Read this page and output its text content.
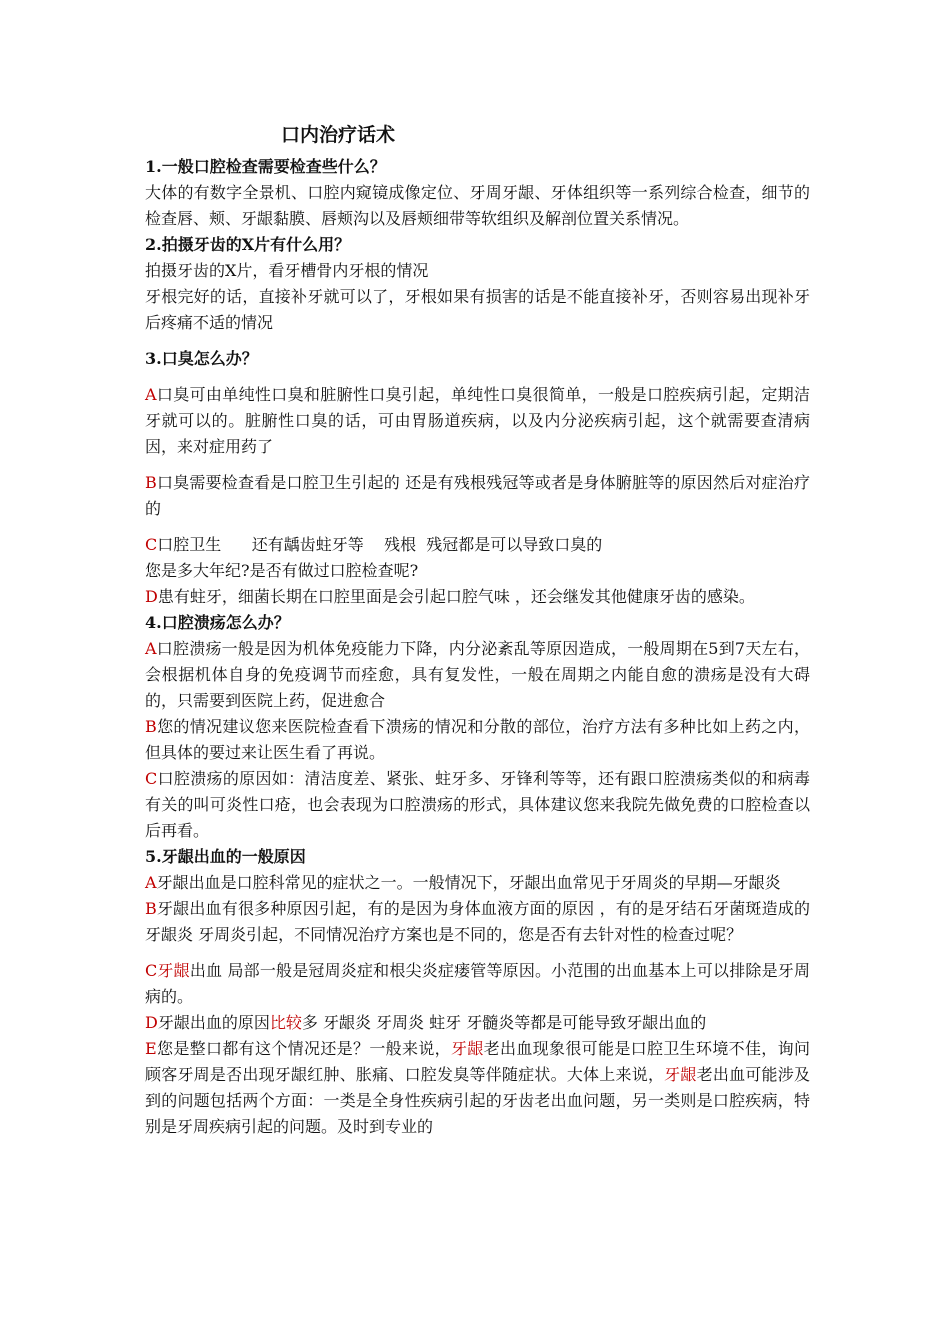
口内治疗话术

1.一般口腔检查需要检查些什么？

大体的有数字全景机、口腔内窥镜成像定位、牙周牙龈、牙体组织等一系列综合检查，细节的检查唇、颊、牙龈黏膜、唇颊沟以及唇颊细带等软组织及解剖位置关系情况。

2.拍摄牙齿的X片有什么用？

拍摄牙齿的X片，看牙槽骨内牙根的情况

牙根完好的话，直接补牙就可以了，牙根如果有损害的话是不能直接补牙，否则容易出现补牙后疼痛不适的情况

3.口臭怎么办？

A口臭可由单纯性口臭和脏腑性口臭引起，单纯性口臭很简单，一般是口腔疾病引起，定期洁牙就可以的。脏腑性口臭的话，可由胃肠道疾病，以及内分泌疾病引起，这个就需要查清病因，来对症用药了

B口臭需要检查看是口腔卫生引起的 还是有残根残冠等或者是身体腑脏等的原因然后对症治疗的

C口腔卫生      还有龋齿蛀牙等    残根  残冠都是可以导致口臭的

您是多大年纪?是否有做过口腔检查呢?

D患有蛀牙，细菌长期在口腔里面是会引起口腔气味 ，还会继发其他健康牙齿的感染。

4.口腔溃疡怎么办？

A口腔溃疡一般是因为机体免疫能力下降，内分泌紊乱等原因造成，一般周期在5到7天左右，会根据机体自身的免疫调节而痊愈，具有复发性，一般在周期之内能自愈的溃疡是没有大碍的，只需要到医院上药，促进愈合

B您的情况建议您来医院检查看下溃疡的情况和分散的部位，治疗方法有多种比如上药之内，但具体的要过来让医生看了再说。

C口腔溃疡的原因如：清洁度差、紧张、蛀牙多、牙锋利等等，还有跟口腔溃疡类似的和病毒有关的叫可炎性口疮，也会表现为口腔溃疡的形式，具体建议您来我院先做免费的口腔检查以后再看。

5.牙龈出血的一般原因

A牙龈出血是口腔科常见的症状之一。一般情况下，牙龈出血常见于牙周炎的早期—牙龈炎

B牙龈出血有很多种原因引起，有的是因为身体血液方面的原因 ，有的是牙结石牙菌斑造成的牙龈炎 牙周炎引起，不同情况治疗方案也是不同的，您是否有去针对性的检查过呢？

C牙龈出血 局部一般是冠周炎症和根尖炎症瘘管等原因。小范围的出血基本上可以排除是牙周病的。

D牙龈出血的原因比较多 牙龈炎 牙周炎 蛀牙 牙髓炎等都是可能导致牙龈出血的

E您是整口都有这个情况还是？一般来说，牙龈老出血现象很可能是口腔卫生环境不佳，询问顾客牙周是否出现牙龈红肿、胀痛、口腔发臭等伴随症状。大体上来说，牙龈老出血可能涉及到的问题包括两个方面：一类是全身性疾病引起的牙齿老出血问题，另一类则是口腔疾病，特别是牙周疾病引起的问题。及时到专业的
